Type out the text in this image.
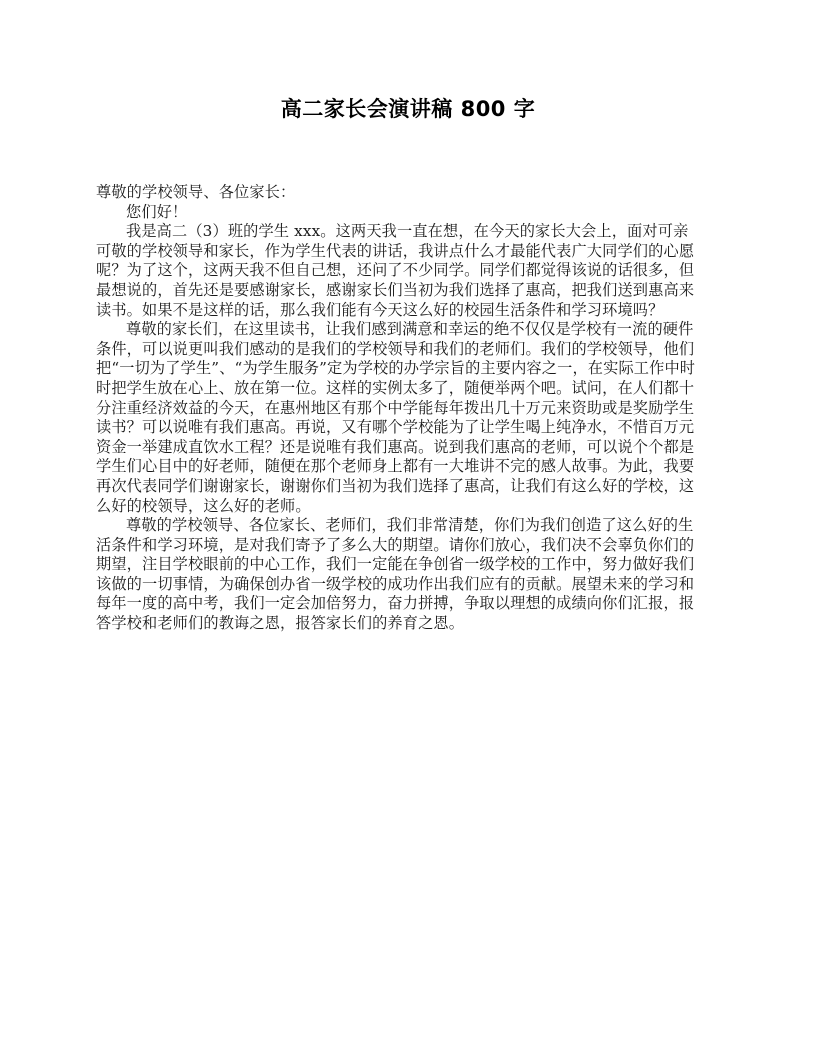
高二家长会演讲稿 800 字
尊敬的学校领导、各位家长：
您们好！
我是高二（3）班的学生 xxx。这两天我一直在想，在今天的家长大会上，面对可亲
可敬的学校领导和家长，作为学生代表的讲话，我讲点什么才最能代表广大同学们的心愿
呢？为了这个，这两天我不但自己想，还问了不少同学。同学们都觉得该说的话很多，但
最想说的，首先还是要感谢家长，感谢家长们当初为我们选择了惠高，把我们送到惠高来
读书。如果不是这样的话，那么我们能有今天这么好的校园生活条件和学习环境吗？
尊敬的家长们，在这里读书，让我们感到满意和幸运的绝不仅仅是学校有一流的硬件
条件，可以说更叫我们感动的是我们的学校领导和我们的老师们。我们的学校领导，他们
把“一切为了学生”、“为学生服务”定为学校的办学宗旨的主要内容之一，在实际工作中时
时把学生放在心上、放在第一位。这样的实例太多了，随便举两个吧。试问，在人们都十
分注重经济效益的今天，在惠州地区有那个中学能每年拨出几十万元来资助或是奖励学生
读书？可以说唯有我们惠高。再说，又有哪个学校能为了让学生喝上纯净水，不惜百万元
资金一举建成直饮水工程？还是说唯有我们惠高。说到我们惠高的老师，可以说个个都是
学生们心目中的好老师，随便在那个老师身上都有一大堆讲不完的感人故事。为此，我要
再次代表同学们谢谢家长，谢谢你们当初为我们选择了惠高，让我们有这么好的学校，这
么好的校领导，这么好的老师。
尊敬的学校领导、各位家长、老师们，我们非常清楚，你们为我们创造了这么好的生
活条件和学习环境，是对我们寄予了多么大的期望。请你们放心，我们决不会辜负你们的
期望，注目学校眼前的中心工作，我们一定能在争创省一级学校的工作中，努力做好我们
该做的一切事情，为确保创办省一级学校的成功作出我们应有的贡献。展望未来的学习和
每年一度的高中考，我们一定会加倍努力，奋力拼搏，争取以理想的成绩向你们汇报，报
答学校和老师们的教诲之恩，报答家长们的养育之恩。
